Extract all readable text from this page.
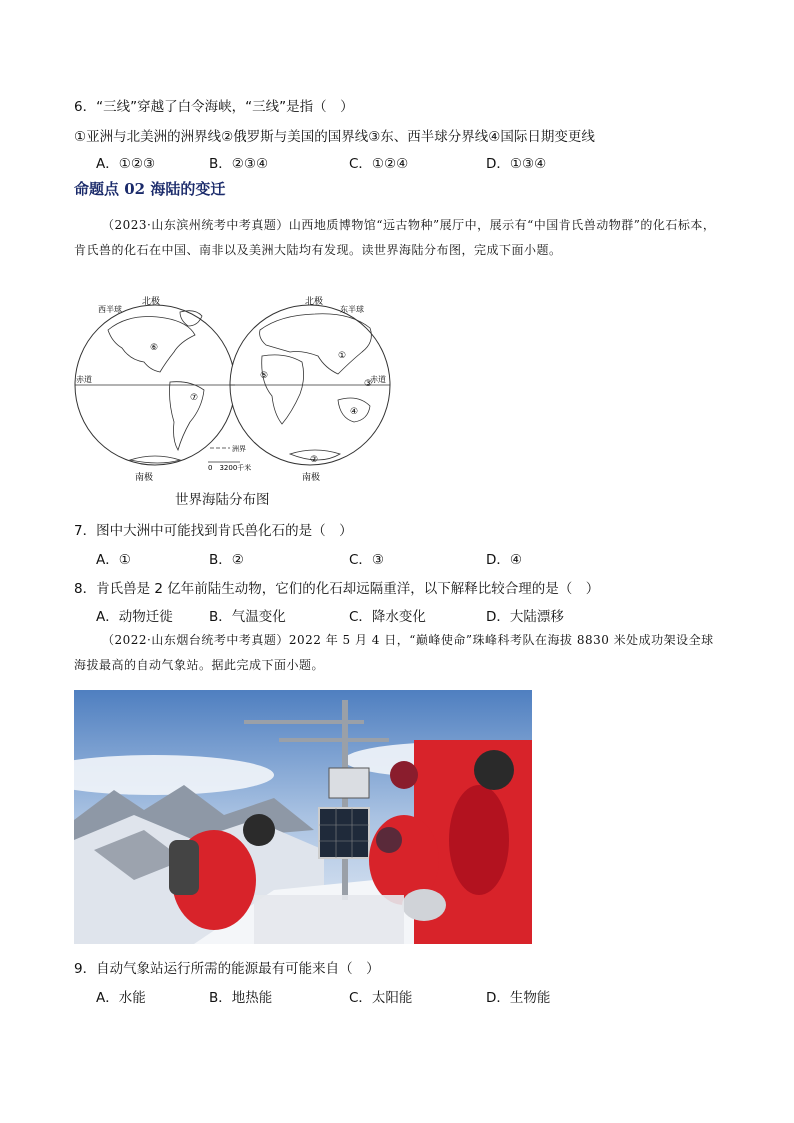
6．“三线”穿越了白令海峡，“三线”是指（　）
①亚洲与北美洲的洲界线②俄罗斯与美国的国界线③东、西半球分界线④国际日期变更线
A．①②③	B．②③④	C．①②④	D．①③④
命题点 02 海陆的变迁
（2023·山东滨州统考中考真题）山西地质博物馆“远古物种”展厅中，展示有“中国肯氏兽动物群”的化石标本，肯氏兽的化石在中国、南非以及美洲大陆均有发现。读世界海陆分布图，完成下面小题。
西半球
北极	北极
东半球
赤道	赤道
南极	南极
洲界
0　3200千米
①
②
③
④
⑤
⑥
⑦
世界海陆分布图
7．图中大洲中可能找到肯氏兽化石的是（　）
A．①	B．②	C．③	D．④
8．肯氏兽是 2 亿年前陆生动物，它们的化石却远隔重洋，以下解释比较合理的是（　）
A．动物迁徙	B．气温变化	C．降水变化	D．大陆漂移
（2022·山东烟台统考中考真题）2022 年 5 月 4 日，“巅峰使命”珠峰科考队在海拔 8830 米处成功架设全球海拔最高的自动气象站。据此完成下面小题。
9．自动气象站运行所需的能源最有可能来自（　）
A．水能	B．地热能	C．太阳能	D．生物能
